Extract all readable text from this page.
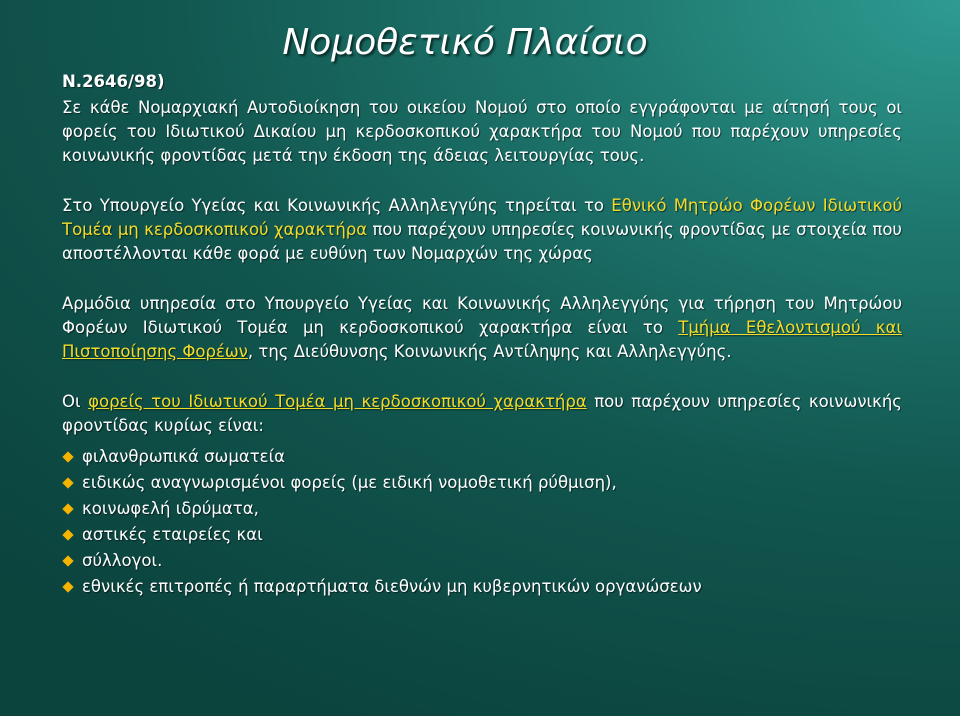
Νομοθετικό Πλαίσιο
Ν.2646/98)

Σε κάθε Νομαρχιακή Αυτοδιοίκηση του οικείου Νομού στο οποίο εγγράφονται με αίτησή τους οι φορείς του Ιδιωτικού Δικαίου μη κερδοσκοπικού χαρακτήρα του Νομού που παρέχουν υπηρεσίες κοινωνικής φροντίδας μετά την έκδοση της άδειας λειτουργίας τους.

Στο Υπουργείο Υγείας και Κοινωνικής Αλληλεγγύης τηρείται το Εθνικό Μητρώο Φορέων Ιδιωτικού Τομέα μη κερδοσκοπικού χαρακτήρα που παρέχουν υπηρεσίες κοινωνικής φροντίδας με στοιχεία που αποστέλλονται κάθε φορά με ευθύνη των Νομαρχών της χώρας

Αρμόδια υπηρεσία στο Υπουργείο Υγείας και Κοινωνικής Αλληλεγγύης για τήρηση του Μητρώου Φορέων Ιδιωτικού Τομέα μη κερδοσκοπικού χαρακτήρα είναι το Τμήμα Εθελοντισμού και Πιστοποίησης Φορέων, της Διεύθυνσης Κοινωνικής Αντίληψης και Αλληλεγγύης.

Οι φορείς του Ιδιωτικού Τομέα μη κερδοσκοπικού χαρακτήρα που παρέχουν υπηρεσίες κοινωνικής φροντίδας κυρίως είναι:

φιλανθρωπικά σωματεία
ειδικώς αναγνωρισμένοι φορείς (με ειδική νομοθετική ρύθμιση),
κοινωφελή ιδρύματα,
αστικές εταιρείες και
σύλλογοι.
εθνικές επιτροπές ή παραρτήματα διεθνών μη κυβερνητικών οργανώσεων
